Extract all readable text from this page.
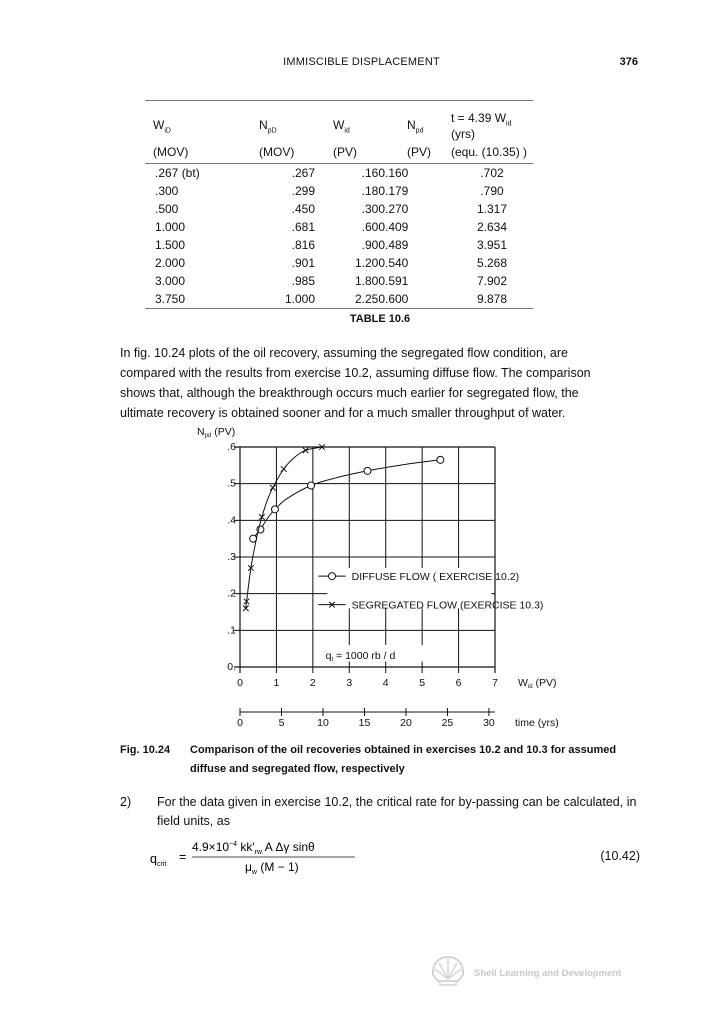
IMMISCIBLE DISPLACEMENT	376
$W_{iD}$	$N_{pD}$	$W_{id}$	$N_{pd}$	t = 4.39 $W_{id}$ (yrs)
(MOV)	(MOV)	(PV)	(PV)	(equ. (10.35) )
.267 (bt)	.267	.160	.160	.702
.300	.299	.180	.179	.790
.500	.450	.300	.270	1.317
1.000	.681	.600	.409	2.634
1.500	.816	.900	.489	3.951
2.000	.901	1.200	.540	5.268
3.000	.985	1.800	.591	7.902
3.750	1.000	2.250	.600	9.878
TABLE 10.6
In fig. 10.24 plots of the oil recovery, assuming the segregated flow condition, are
compared with the results from exercise 10.2, assuming diffuse flow. The comparison
shows that, although the breakthrough occurs much earlier for segregated flow, the
ultimate recovery is obtained sooner and for a much smaller throughput of water.
0	1	2	3	4	5	6	7
.6
.5
.4
.3
.2
.1
0.
0	5	10	15	20	25	30
Npd (PV)
Wid (PV)
time (yrs)
DIFFUSE FLOW ( EXERCISE 10.2)
SEGREGATED FLOW (EXERCISE 10.3)
qt = 1000 rb / d
Fig. 10.24 Comparison of the oil recoveries obtained in exercises 10.2 and 10.3 for assumed diffuse and segregated flow, respectively
2) For the data given in exercise 10.2, the critical rate for by-passing can be calculated, in field units, as
$q_{crit}$
=
$4.9\times 10^{-4}$ $kk'_{rw}$ A Δγ sinθ
$\mu_w$ (M − 1)
(10.42)
Shell Learning and Development
